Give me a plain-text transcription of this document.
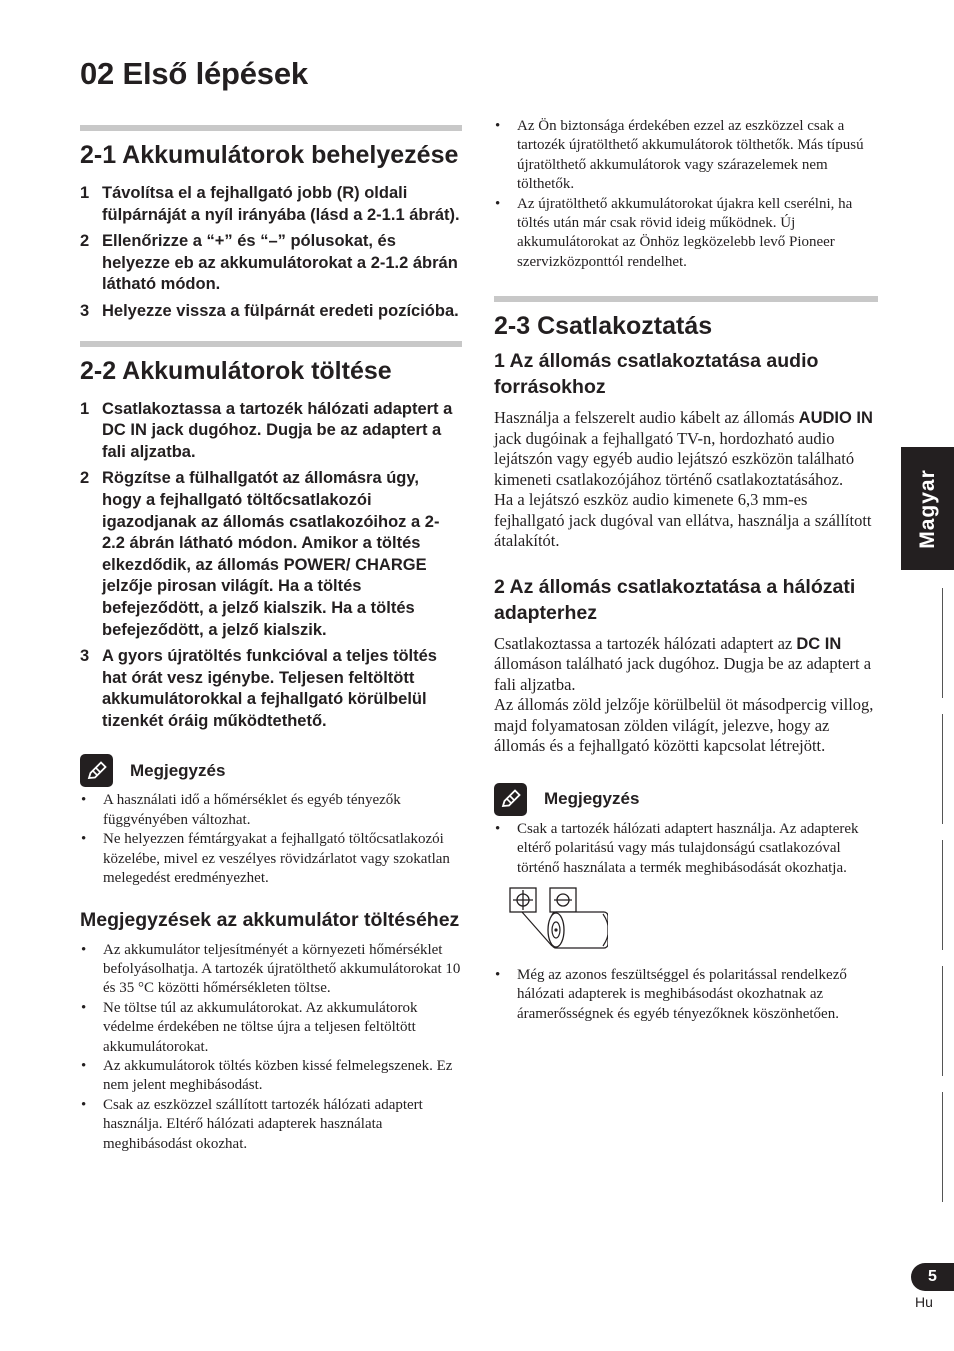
02 Első lépések
2-1 Akkumulátorok behelyezése
1 Távolítsa el a fejhallgató jobb (R) oldali fülpárnáját a nyíl irányába (lásd a 2-1.1 ábrát).
2 Ellenőrizze a “+” és “–” pólusokat, és helyezze eb az akkumulátorokat a 2-1.2 ábrán látható módon.
3 Helyezze vissza a fülpárnát eredeti pozícióba.
2-2 Akkumulátorok töltése
1 Csatlakoztassa a tartozék hálózati adaptert a DC IN jack dugóhoz. Dugja be az adaptert a fali aljzatba.
2 Rögzítse a fülhallgatót az állomásra úgy, hogy a fejhallgató töltőcsatlakozói igazodjanak az állomás csatlakozóihoz a 2-2.2 ábrán látható módon. Amikor a töltés elkezdődik, az állomás POWER/ CHARGE jelzője pirosan világít. Ha a töltés befejeződött, a jelző kialszik. Ha a töltés befejeződött, a jelző kialszik.
3 A gyors újratöltés funkcióval a teljes töltés hat órát vesz igénybe. Teljesen feltöltött akkumulátorokkal a fejhallgató körülbelül tizenkét óráig működtethető.
Megjegyzés
• A használati idő a hőmérséklet és egyéb tényezők függvényében változhat.
• Ne helyezzen fémtárgyakat a fejhallgató töltőcsatlakozói közelébe, mivel ez veszélyes rövidzárlatot vagy szokatlan melegedést eredményezhet.
Megjegyzések az akkumulátor töltéséhez
• Az akkumulátor teljesítményét a környezeti hőmérséklet befolyásolhatja. A tartozék újratölthető akkumulátorokat 10 és 35 °C közötti hőmérsékleten töltse.
• Ne töltse túl az akkumulátorokat. Az akkumulátorok védelme érdekében ne töltse újra a teljesen feltöltött akkumulátorokat.
• Az akkumulátorok töltés közben kissé felmelegszenek. Ez nem jelent meghibásodást.
• Csak az eszközzel szállított tartozék hálózati adaptert használja. Eltérő hálózati adapterek használata meghibásodást okozhat.
• Az Ön biztonsága érdekében ezzel az eszközzel csak a tartozék újratölthető akkumulátorok tölthetők. Más típusú újratölthető akkumulátorok vagy szárazelemek nem tölthetők.
• Az újratölthető akkumulátorokat újakra kell cserélni, ha töltés után már csak rövid ideig működnek. Új akkumulátorokat az Önhöz legközelebb levő Pioneer szervizközponttól rendelhet.
2-3 Csatlakoztatás
1 Az állomás csatlakoztatása audio forrásokhoz

Használja a felszerelt audio kábelt az állomás AUDIO IN jack dugóinak a fejhallgató TV-n, hordozható audio lejátszón vagy egyéb audio lejátszó eszközön található kimeneti csatlakozójához történő csatlakoztatásához.

Ha a lejátszó eszköz audio kimenete 6,3 mm-es fejhallgató jack dugóval van ellátva, használja a szállított átalakítót.

2 Az állomás csatlakoztatása a hálózati adapterhez

Csatlakoztassa a tartozék hálózati adaptert az DC IN állomáson található jack dugóhoz. Dugja be az adaptert a fali aljzatba.

Az állomás zöld jelzője körülbelül öt másodpercig villog, majd folyamatosan zölden világít, jelezve, hogy az állomás és a fejhallgató közötti kapcsolat létrejött.

Megjegyzés
• Csak a tartozék hálózati adaptert használja. Az adapterek eltérő polaritású vagy más tulajdonságú csatlakozóval történő használata a termék meghibásodását okozhatja.
• Még az azonos feszültséggel és polaritással rendelkező hálózati adapterek is meghibásodást okozhatnak az áramerősségnek és egyéb tényezőknek köszönhetően.
Magyar
5
Hu
